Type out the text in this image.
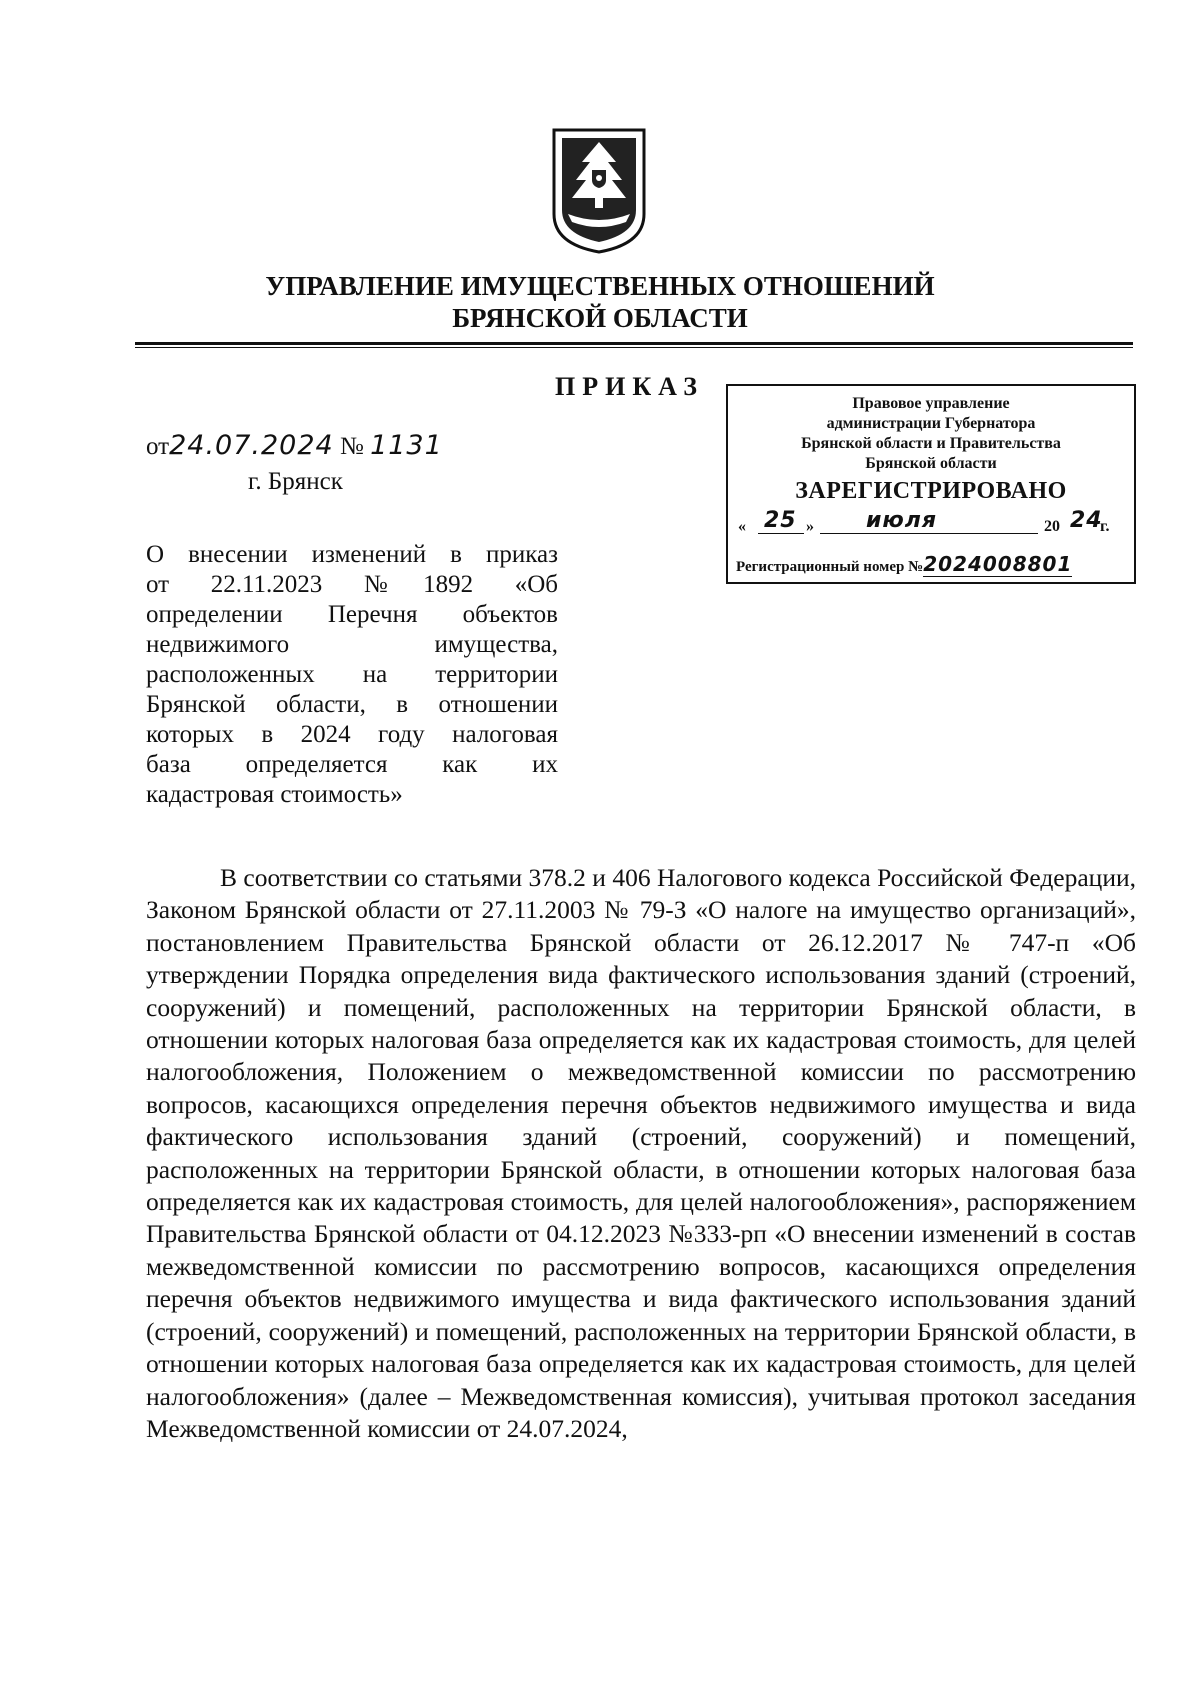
УПРАВЛЕНИЕ ИМУЩЕСТВЕННЫХ ОТНОШЕНИЙ
БРЯНСКОЙ ОБЛАСТИ
ПРИКАЗ
от24.07.2024 № 1131
г. Брянск

О внесении изменений в приказ

от 22.11.2023 №1892 «Об

определении Перечня объектов

недвижимого имущества,

расположенных на территории

Брянской области, в отношении

которых в 2024 году налоговая

база определяется как их

кадастровая стоимость»

Правовое управление
администрации Губернатора
Брянской области и Правительства
Брянской области
ЗАРЕГИСТРИРОВАНО
« 25 » июля	20 24
г.
Регистрационный номер №2024008801

В соответствии со статьями 378.2 и 406 Налогового кодекса Российской Федерации, Законом Брянской области от 27.11.2003 № 79-З «О налоге на имущество организаций», постановлением Правительства Брянской области от 26.12.2017 № 747-п «Об утверждении Порядка определения вида фактического использования зданий (строений, сооружений) и помещений, расположенных на территории Брянской области, в отношении которых налоговая база определяется как их кадастровая стоимость, для целей налогообложения, Положением о межведомственной комиссии по рассмотрению вопросов, касающихся определения перечня объектов недвижимого имущества и вида фактического использования зданий (строений, сооружений) и помещений, расположенных на территории Брянской области, в отношении которых налоговая база определяется как их кадастровая стоимость, для целей налогообложения», распоряжением Правительства Брянской области от 04.12.2023 №333-рп «О внесении изменений в состав межведомственной комиссии по рассмотрению вопросов, касающихся определения перечня объектов недвижимого имущества и вида фактического использования зданий (строений, сооружений) и помещений, расположенных на территории Брянской области, в отношении которых налоговая база определяется как их кадастровая стоимость, для целей налогообложения» (далее – Межведомственная комиссия), учитывая протокол заседания Межведомственной комиссии от 24.07.2024,
